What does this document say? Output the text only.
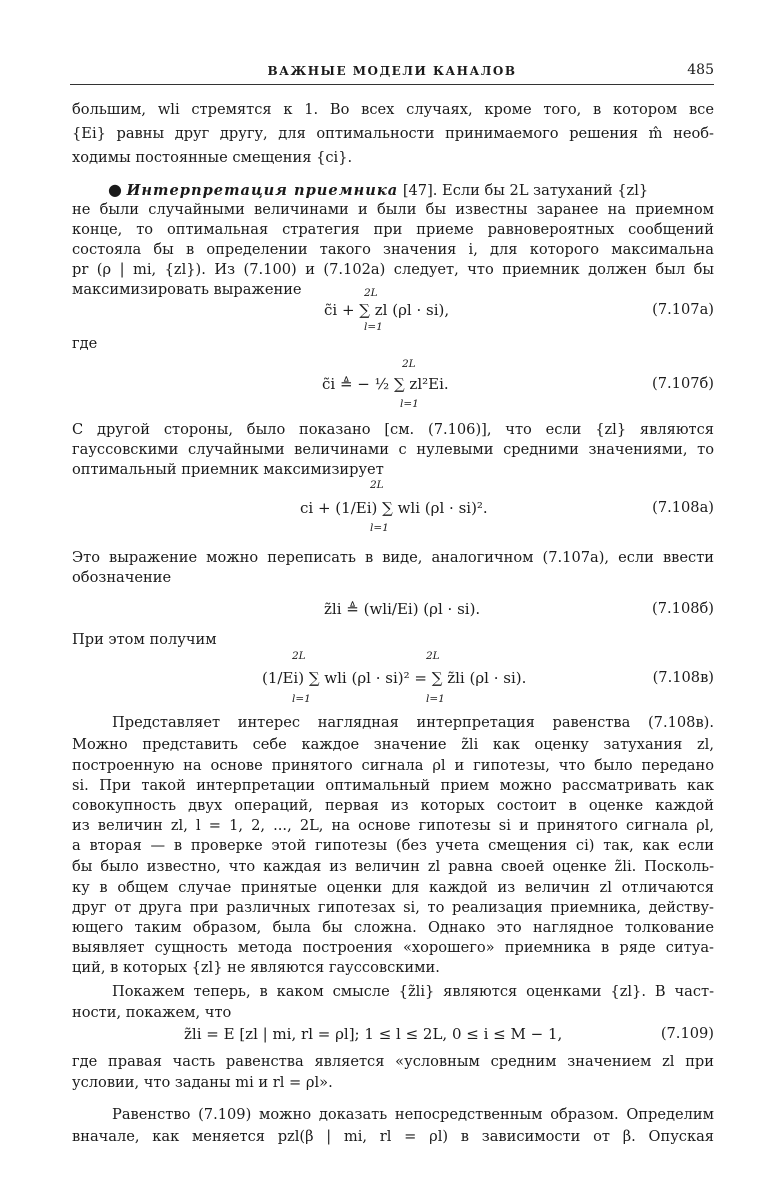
ВАЖНЫЕ МОДЕЛИ КАНАЛОВ	485
большим, wli стремятся к 1. Во всех случаях, кроме того, в котором все
{Ei} равны друг другу, для оптимальности принимаемого решения m̂ необ-
ходимы постоянные смещения {ci}.
● Интерпретация приемника [47]. Если бы 2L затуханий {zl}
не были случайными величинами и были бы известны заранее на приемном
конце, то оптимальная стратегия при приеме равновероятных сообщений
состояла бы в определении такого значения i, для которого максимальна
pr (ρ | mi, {zl}). Из (7.100) и (7.102а) следует, что приемник должен был бы
максимизировать выражение	2L
c̃i + ∑ zl (ρl · si),
l=1
(7.107а)
где
2L
c̃i ≜ − ½ ∑ zl²Ei.
l=1
(7.107б)
С другой стороны, было показано [см. (7.106)], что если {zl} являются
гауссовскими случайными величинами с нулевыми средними значениями, то
оптимальный приемник максимизирует
2L
ci + (1/Ei) ∑ wli (ρl · si)².
l=1
(7.108а)
Это выражение можно переписать в виде, аналогичном (7.107а), если ввести
обозначение
z̃li ≜ (wli/Ei) (ρl · si).	(7.108б)
При этом получим
2L	2L
(1/Ei) ∑ wli (ρl · si)² = ∑ z̃li (ρl · si).
l=1	l=1
(7.108в)
Представляет интерес наглядная интерпретация равенства (7.108в).
Можно представить себе каждое значение z̃li как оценку затухания zl,
построенную на основе принятого сигнала ρl и гипотезы, что было передано
si. При такой интерпретации оптимальный прием можно рассматривать как
совокупность двух операций, первая из которых состоит в оценке каждой
из величин zl, l = 1, 2, ..., 2L, на основе гипотезы si и принятого сигнала ρl,
а вторая — в проверке этой гипотезы (без учета смещения ci) так, как если
бы было известно, что каждая из величин zl равна своей оценке z̃li. Посколь-
ку в общем случае принятые оценки для каждой из величин zl отличаются
друг от друга при различных гипотезах si, то реализация приемника, действу-
ющего таким образом, была бы сложна. Однако это наглядное толкование
выявляет сущность метода построения «хорошего» приемника в ряде ситуа-
ций, в которых {zl} не являются гауссовскими.
Покажем теперь, в каком смысле {z̃li} являются оценками {zl}. В част-
ности, покажем, что
z̃li = E [zl | mi, rl = ρl]; 1 ≤ l ≤ 2L, 0 ≤ i ≤ M − 1,	(7.109)
где правая часть равенства является «условным средним значением zl при
условии, что заданы mi и rl = ρl».
Равенство (7.109) можно доказать непосредственным образом. Определим
вначале, как меняется pzl(β | mi, rl = ρl) в зависимости от β. Опуская
